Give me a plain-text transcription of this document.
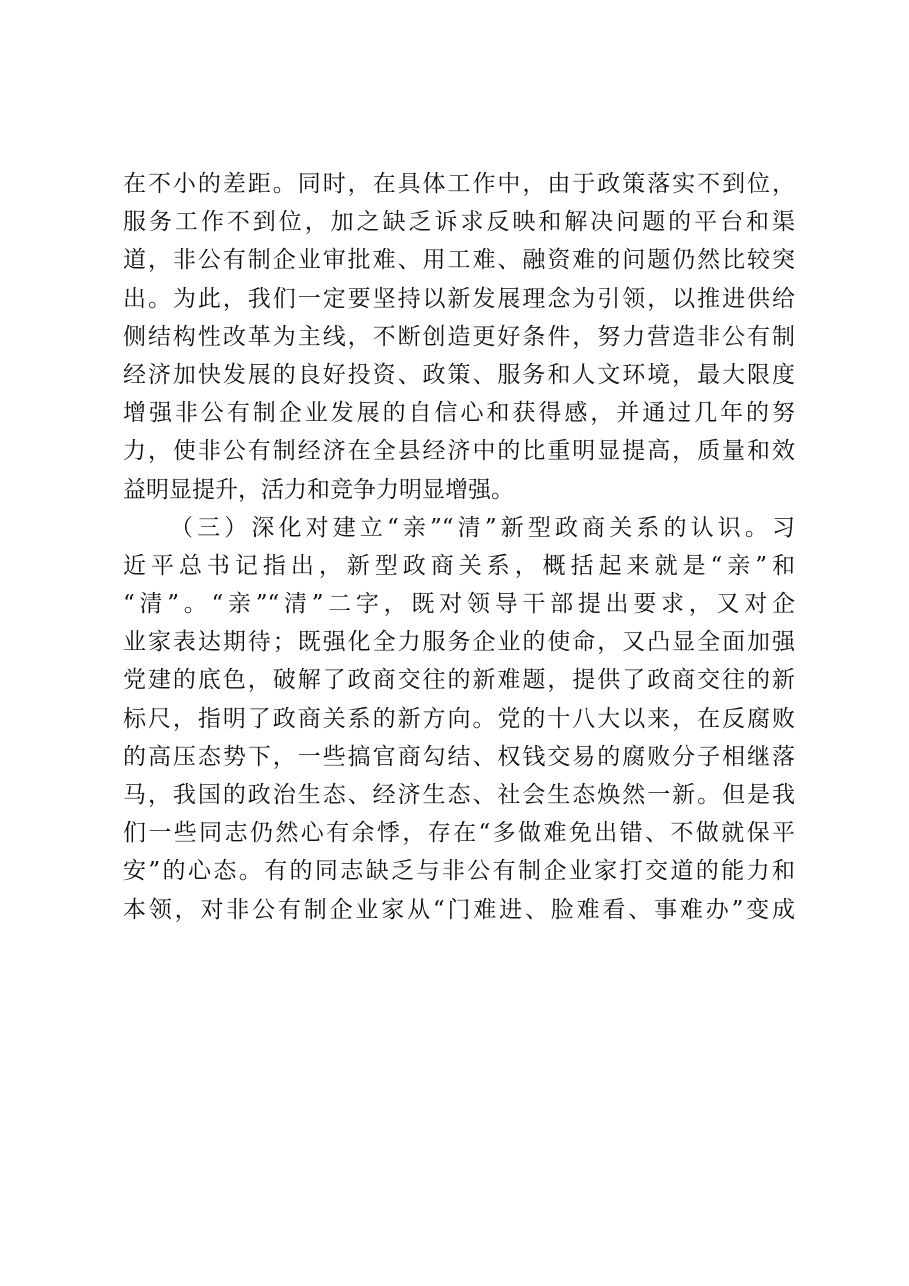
在不小的差距。同时，在具体工作中，由于政策落实不到位，
服务工作不到位，加之缺乏诉求反映和解决问题的平台和渠
道，非公有制企业审批难、用工难、融资难的问题仍然比较突
出。为此，我们一定要坚持以新发展理念为引领，以推进供给
侧结构性改革为主线，不断创造更好条件，努力营造非公有制
经济加快发展的良好投资、政策、服务和人文环境，最大限度
增强非公有制企业发展的自信心和获得感，并通过几年的努
力，使非公有制经济在全县经济中的比重明显提高，质量和效
益明显提升，活力和竞争力明显增强。
（三）深化对建立“亲”“清”新型政商关系的认识。习
近平总书记指出，新型政商关系，概括起来就是“亲”和
“清”。“亲”“清”二字，既对领导干部提出要求，又对企
业家表达期待；既强化全力服务企业的使命，又凸显全面加强
党建的底色，破解了政商交往的新难题，提供了政商交往的新
标尺，指明了政商关系的新方向。党的十八大以来，在反腐败
的高压态势下，一些搞官商勾结、权钱交易的腐败分子相继落
马，我国的政治生态、经济生态、社会生态焕然一新。但是我
们一些同志仍然心有余悸，存在“多做难免出错、不做就保平
安”的心态。有的同志缺乏与非公有制企业家打交道的能力和
本领，对非公有制企业家从“门难进、脸难看、事难办”变成
